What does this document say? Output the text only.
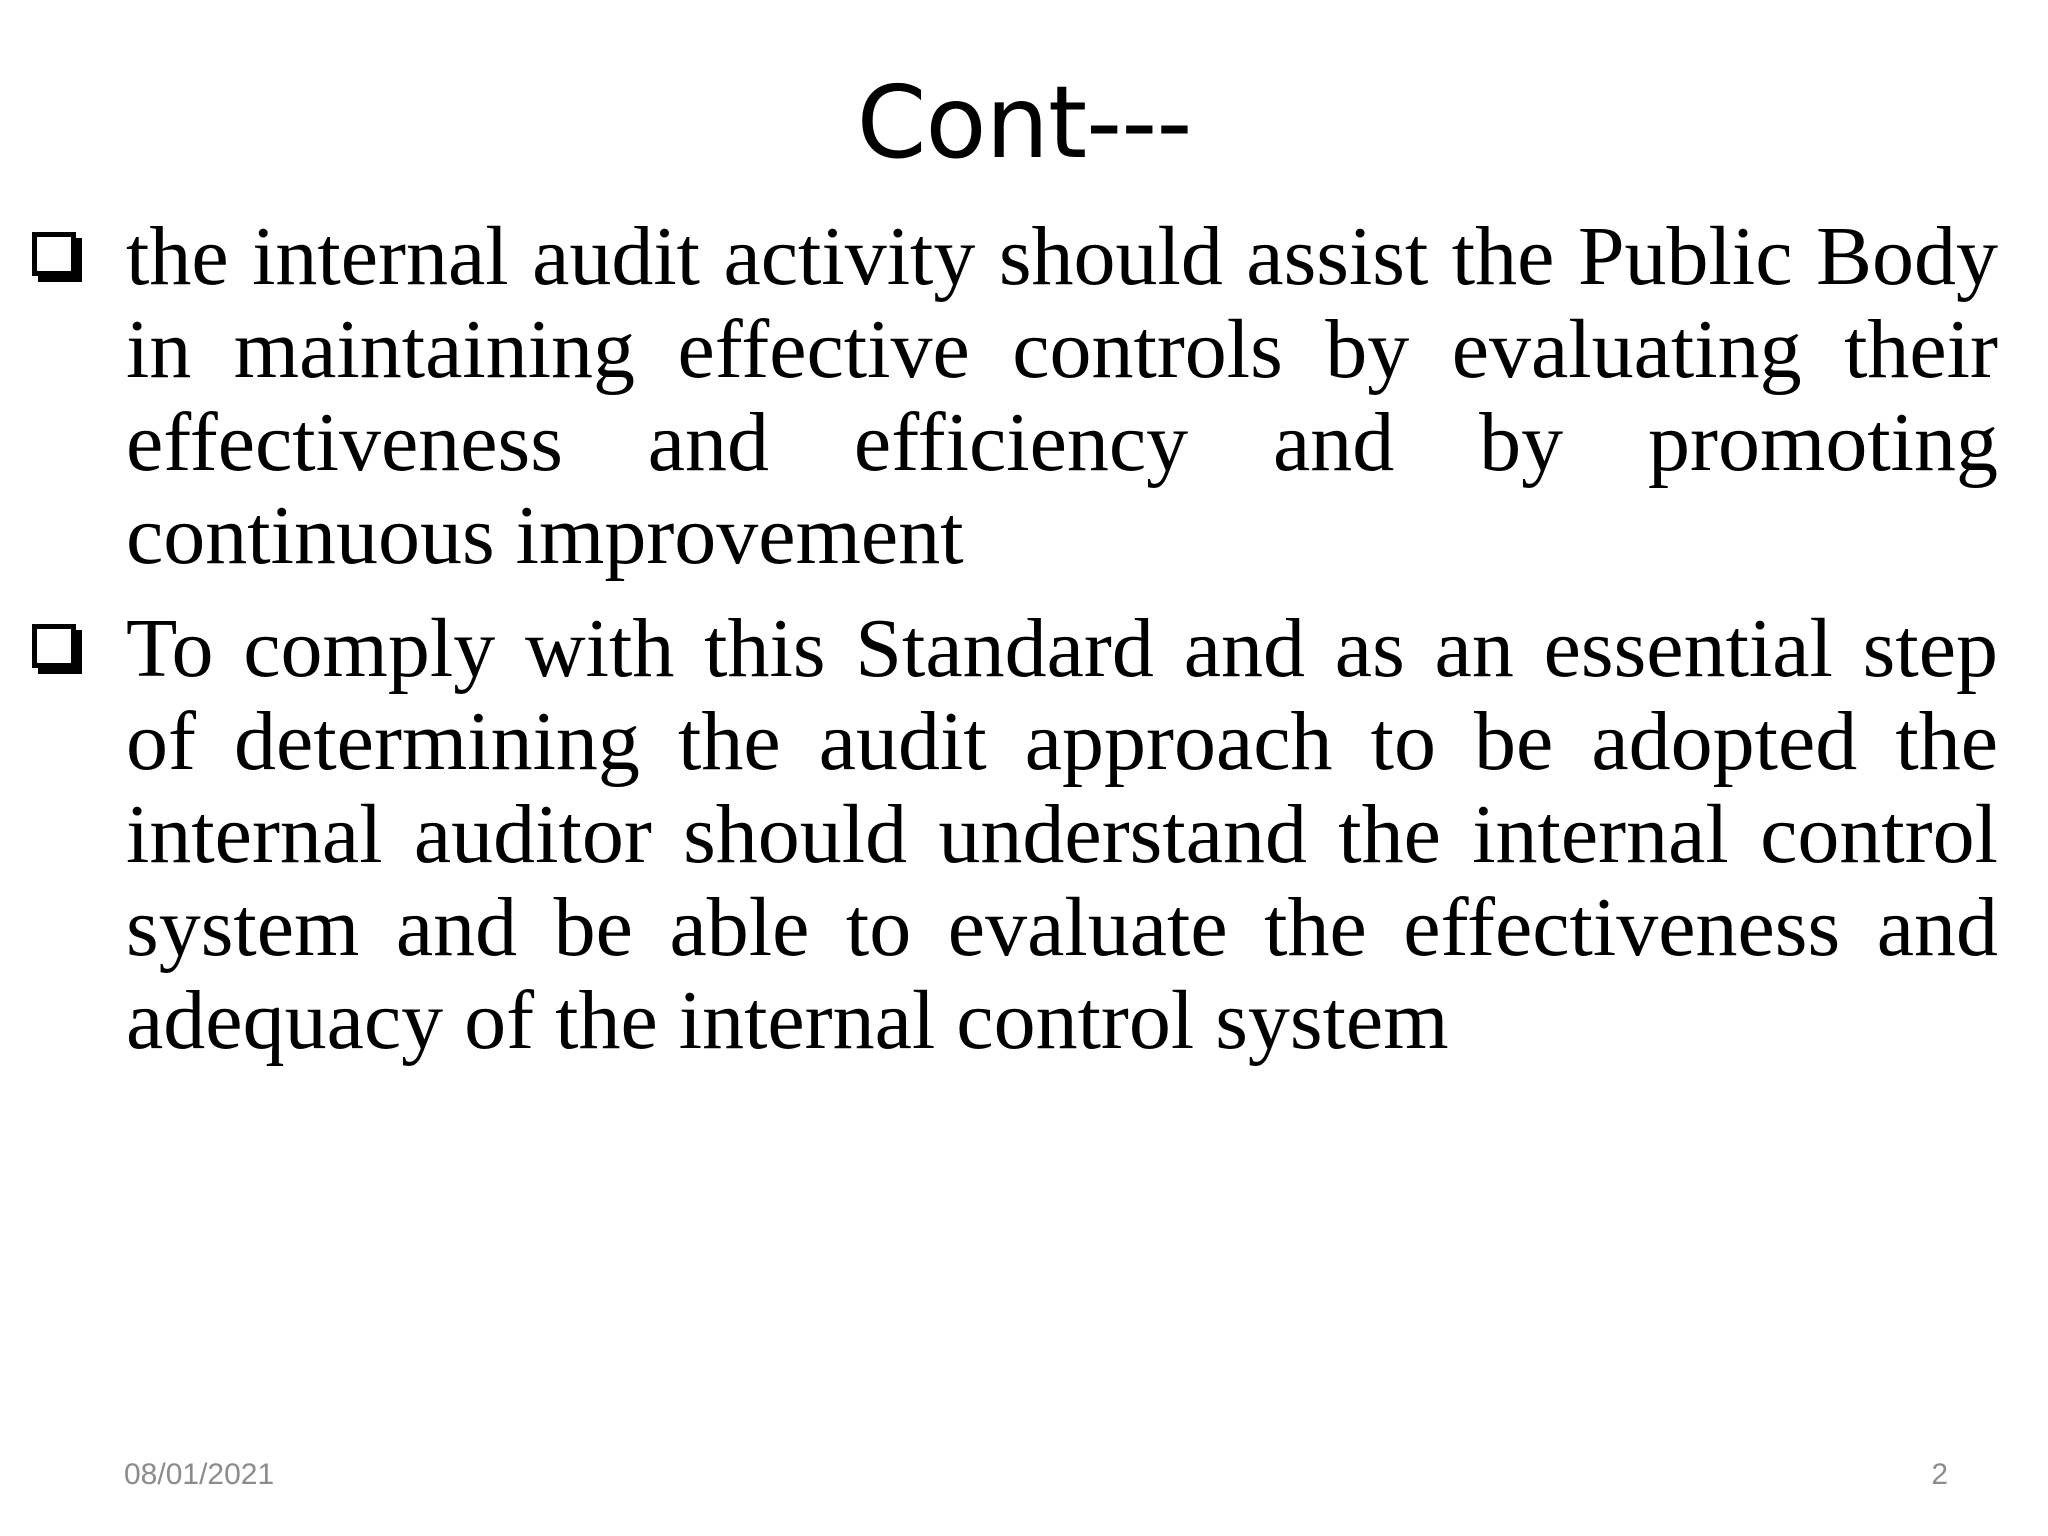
Cont---
the internal audit activity should assist the Public Body in maintaining effective controls by evaluating their effectiveness and efficiency and by promoting continuous improvement
To comply with this Standard and as an essential step of determining the audit approach to be adopted the internal auditor should understand the internal control system and be able to evaluate the effectiveness and adequacy of the internal control system
08/01/2021	2
